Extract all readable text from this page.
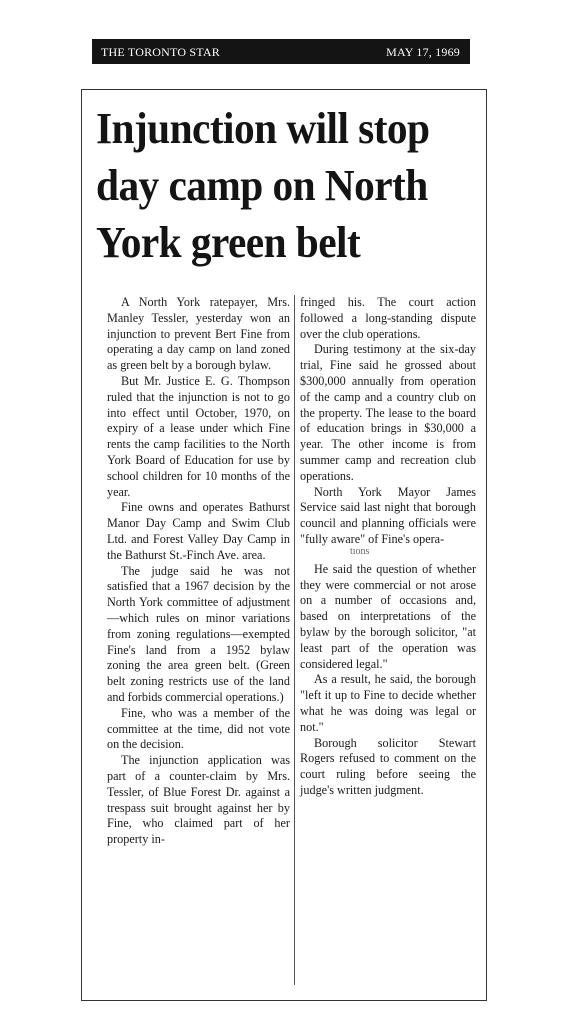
THE TORONTO STAR	MAY 17, 1969
Injunction will stop
day camp on North
York green belt

A North York ratepayer, Mrs. Manley Tessler, yesterday won an injunction to prevent Bert Fine from operating a day camp on land zoned as green belt by a borough bylaw.

But Mr. Justice E. G. Thompson ruled that the injunction is not to go into effect until October, 1970, on expiry of a lease under which Fine rents the camp facilities to the North York Board of Education for use by school children for 10 months of the year.

Fine owns and operates Bathurst Manor Day Camp and Swim Club Ltd. and Forest Valley Day Camp in the Bathurst St.-Finch Ave. area.

The judge said he was not satisfied that a 1967 decision by the North York committee of adjustment—which rules on minor variations from zoning regulations—exempted Fine's land from a 1952 bylaw zoning the area green belt. (Green belt zoning restricts use of the land and forbids commercial operations.)

Fine, who was a member of the committee at the time, did not vote on the decision.

The injunction application was part of a counter-claim by Mrs. Tessler, of Blue Forest Dr. against a trespass suit brought against her by Fine, who claimed part of her property in-

fringed his. The court action followed a long-standing dispute over the club operations.

During testimony at the six-day trial, Fine said he grossed about $300,000 annually from operation of the camp and a country club on the property. The lease to the board of education brings in $30,000 a year. The other income is from summer camp and recreation club operations.

North York Mayor James Service said last night that borough council and planning officials were "fully aware" of Fine's opera-

tions

He said the question of whether they were commercial or not arose on a number of occasions and, based on interpretations of the bylaw by the borough solicitor, "at least part of the operation was considered legal."

As a result, he said, the borough "left it up to Fine to decide whether what he was doing was legal or not."

Borough solicitor Stewart Rogers refused to comment on the court ruling before seeing the judge's written judgment.
